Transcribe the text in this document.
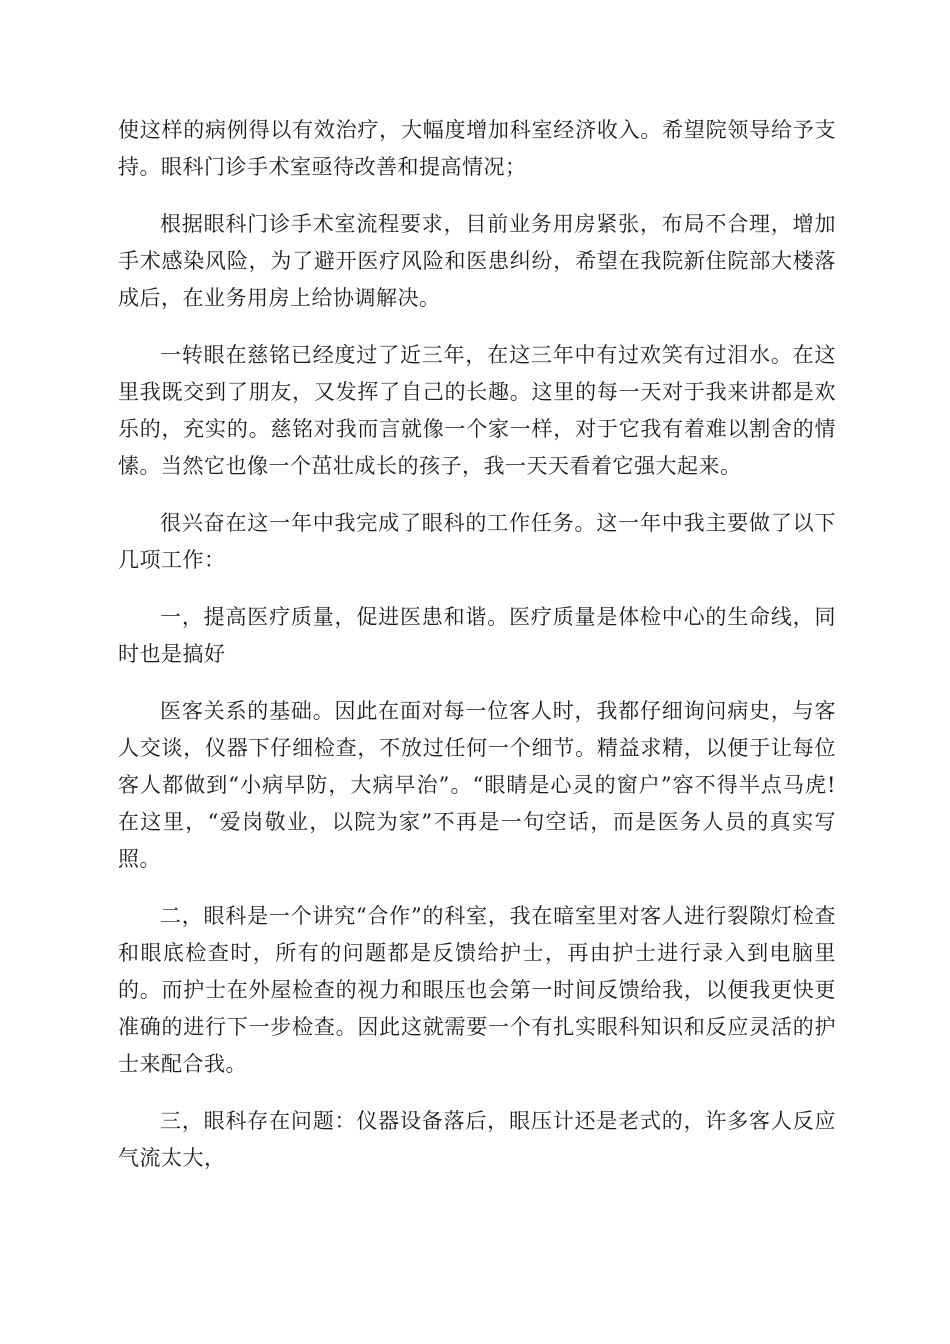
使这样的病例得以有效治疗，大幅度增加科室经济收入。希望院领导给予支持。眼科门诊手术室亟待改善和提高情况；

根据眼科门诊手术室流程要求，目前业务用房紧张，布局不合理，增加手术感染风险，为了避开医疗风险和医患纠纷，希望在我院新住院部大楼落成后，在业务用房上给协调解决。

一转眼在慈铭已经度过了近三年，在这三年中有过欢笑有过泪水。在这里我既交到了朋友，又发挥了自己的长趣。这里的每一天对于我来讲都是欢乐的，充实的。慈铭对我而言就像一个家一样，对于它我有着难以割舍的情愫。当然它也像一个茁壮成长的孩子，我一天天看着它强大起来。

很兴奋在这一年中我完成了眼科的工作任务。这一年中我主要做了以下几项工作：

一，提高医疗质量，促进医患和谐。医疗质量是体检中心的生命线，同时也是搞好

医客关系的基础。因此在面对每一位客人时，我都仔细询问病史，与客人交谈，仪器下仔细检查，不放过任何一个细节。精益求精，以便于让每位客人都做到“小病早防，大病早治”。“眼睛是心灵的窗户”容不得半点马虎!在这里，“爱岗敬业，以院为家”不再是一句空话，而是医务人员的真实写照。

二，眼科是一个讲究“合作”的科室，我在暗室里对客人进行裂隙灯检查和眼底检查时，所有的问题都是反馈给护士，再由护士进行录入到电脑里的。而护士在外屋检查的视力和眼压也会第一时间反馈给我，以便我更快更准确的进行下一步检查。因此这就需要一个有扎实眼科知识和反应灵活的护士来配合我。

三，眼科存在问题：仪器设备落后，眼压计还是老式的，许多客人反应气流太大，
